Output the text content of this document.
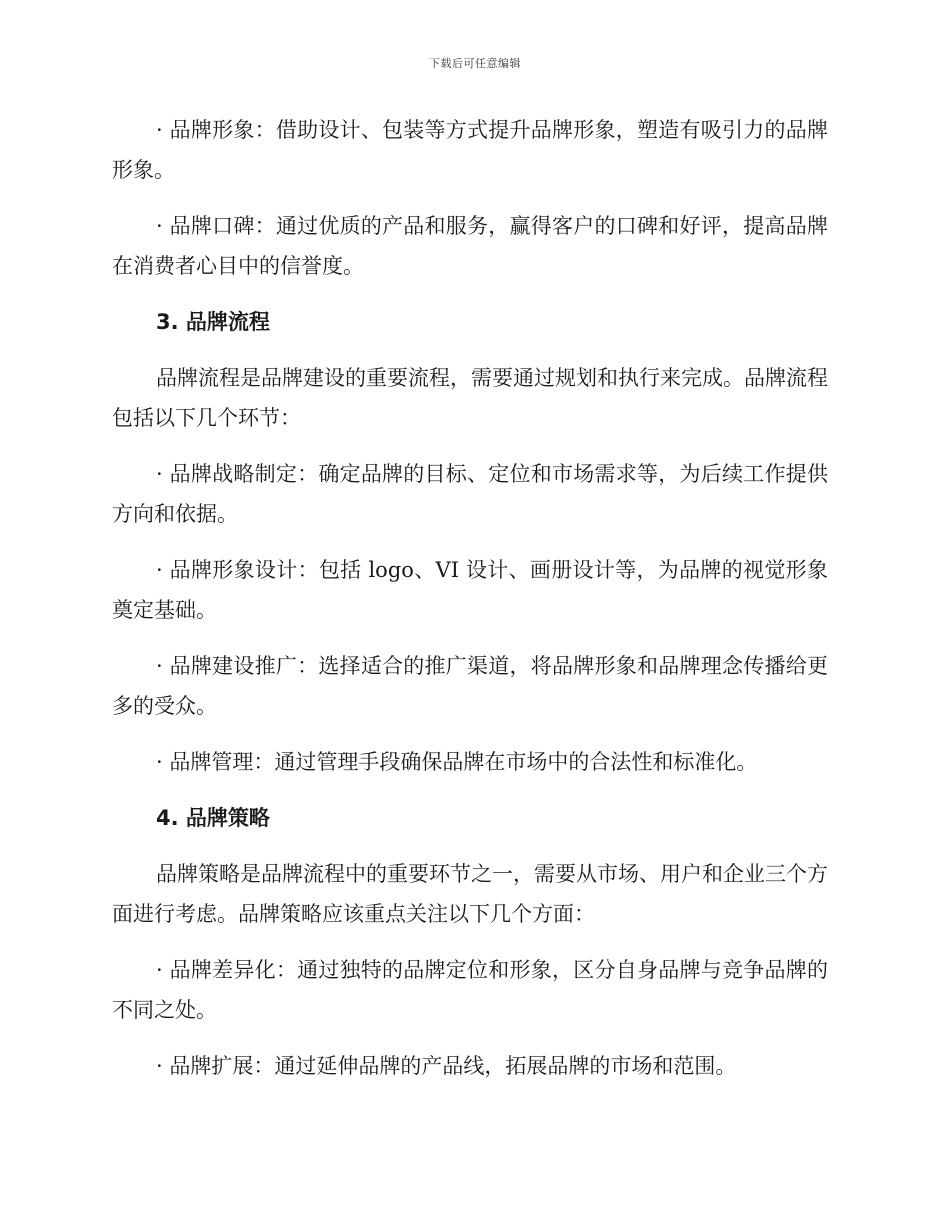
下载后可任意编辑

· 品牌形象：借助设计、包装等方式提升品牌形象，塑造有吸引力的品牌形象。

· 品牌口碑：通过优质的产品和服务，赢得客户的口碑和好评，提高品牌在消费者心目中的信誉度。

3. 品牌流程

品牌流程是品牌建设的重要流程，需要通过规划和执行来完成。品牌流程包括以下几个环节：

· 品牌战略制定：确定品牌的目标、定位和市场需求等，为后续工作提供方向和依据。

· 品牌形象设计：包括 logo、VI 设计、画册设计等，为品牌的视觉形象奠定基础。

· 品牌建设推广：选择适合的推广渠道，将品牌形象和品牌理念传播给更多的受众。

· 品牌管理：通过管理手段确保品牌在市场中的合法性和标准化。

4. 品牌策略

品牌策略是品牌流程中的重要环节之一，需要从市场、用户和企业三个方面进行考虑。品牌策略应该重点关注以下几个方面：

· 品牌差异化：通过独特的品牌定位和形象，区分自身品牌与竞争品牌的不同之处。

· 品牌扩展：通过延伸品牌的产品线，拓展品牌的市场和范围。
